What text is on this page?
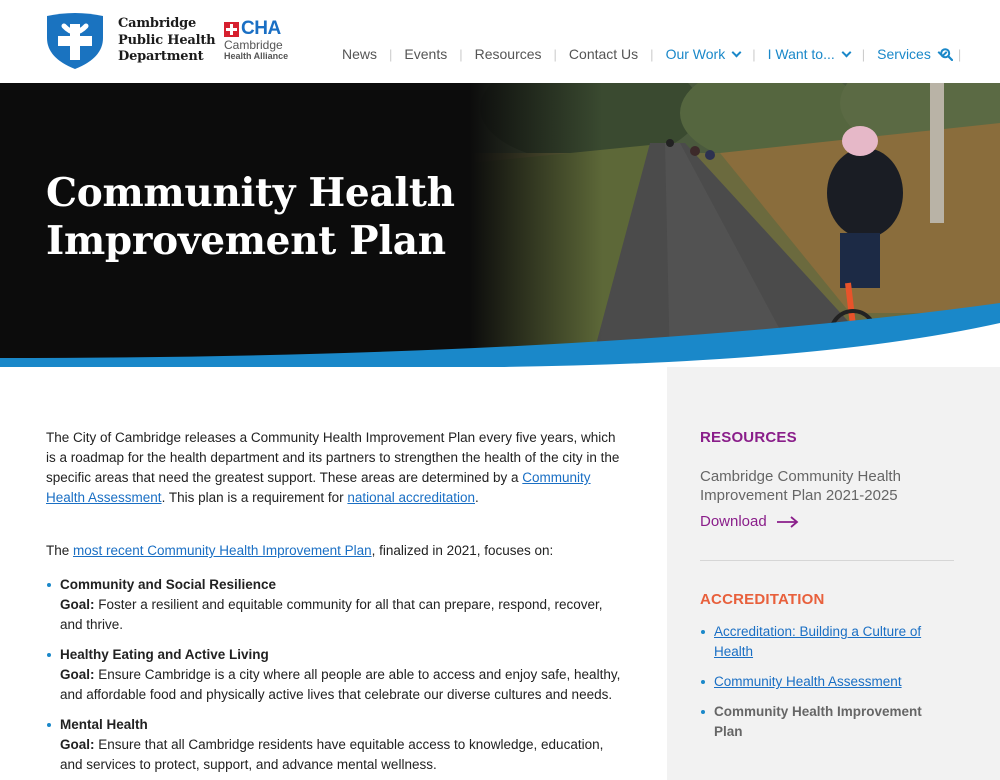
Cambridge
Public Health
Department
CHA
Cambridge
Health Alliance	News | Events | Resources | Contact Us | Our Work | I Want to... | Services |
Community Health
Improvement Plan

The City of Cambridge releases a Community Health Improvement Plan every five years, which is a roadmap for the health department and its partners to strengthen the health of the city in the specific areas that need the greatest support. These areas are determined by a Community Health Assessment. This plan is a requirement for national accreditation.

The most recent Community Health Improvement Plan, finalized in 2021, focuses on:

Community and Social Resilience
Goal: Foster a resilient and equitable community for all that can prepare, respond, recover, and thrive.
Healthy Eating and Active Living
Goal: Ensure Cambridge is a city where all people are able to access and enjoy safe, healthy, and affordable food and physically active lives that celebrate our diverse cultures and needs.
Mental Health
Goal: Ensure that all Cambridge residents have equitable access to knowledge, education, and services to protect, support, and advance mental wellness.
RESOURCES
Cambridge Community Health Improvement Plan 2021-2025
Download
ACCREDITATION
Accreditation: Building a Culture of Health
Community Health Assessment
Community Health Improvement Plan
